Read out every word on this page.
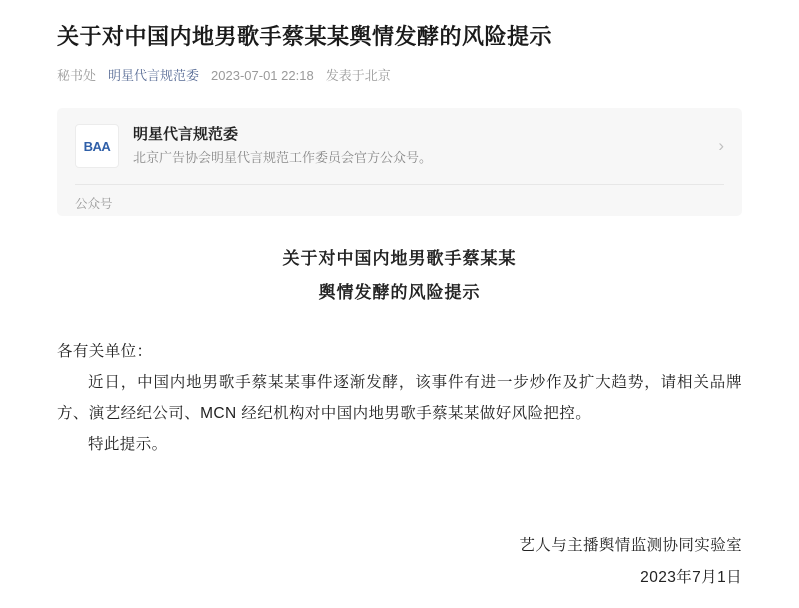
关于对中国内地男歌手蔡某某舆情发酵的风险提示
秘书处 明星代言规范委 2023-07-01 22:18 发表于北京
BAA
明星代言规范委
北京广告协会明星代言规范工作委员会官方公众号。
›
公众号
关于对中国内地男歌手蔡某某
舆情发酵的风险提示
各有关单位：
近日，中国内地男歌手蔡某某事件逐渐发酵，该事件有进一步炒作及扩大趋势，请相关品牌方、演艺经纪公司、MCN 经纪机构对中国内地男歌手蔡某某做好风险把控。
特此提示。
艺人与主播舆情监测协同实验室
2023年7月1日
